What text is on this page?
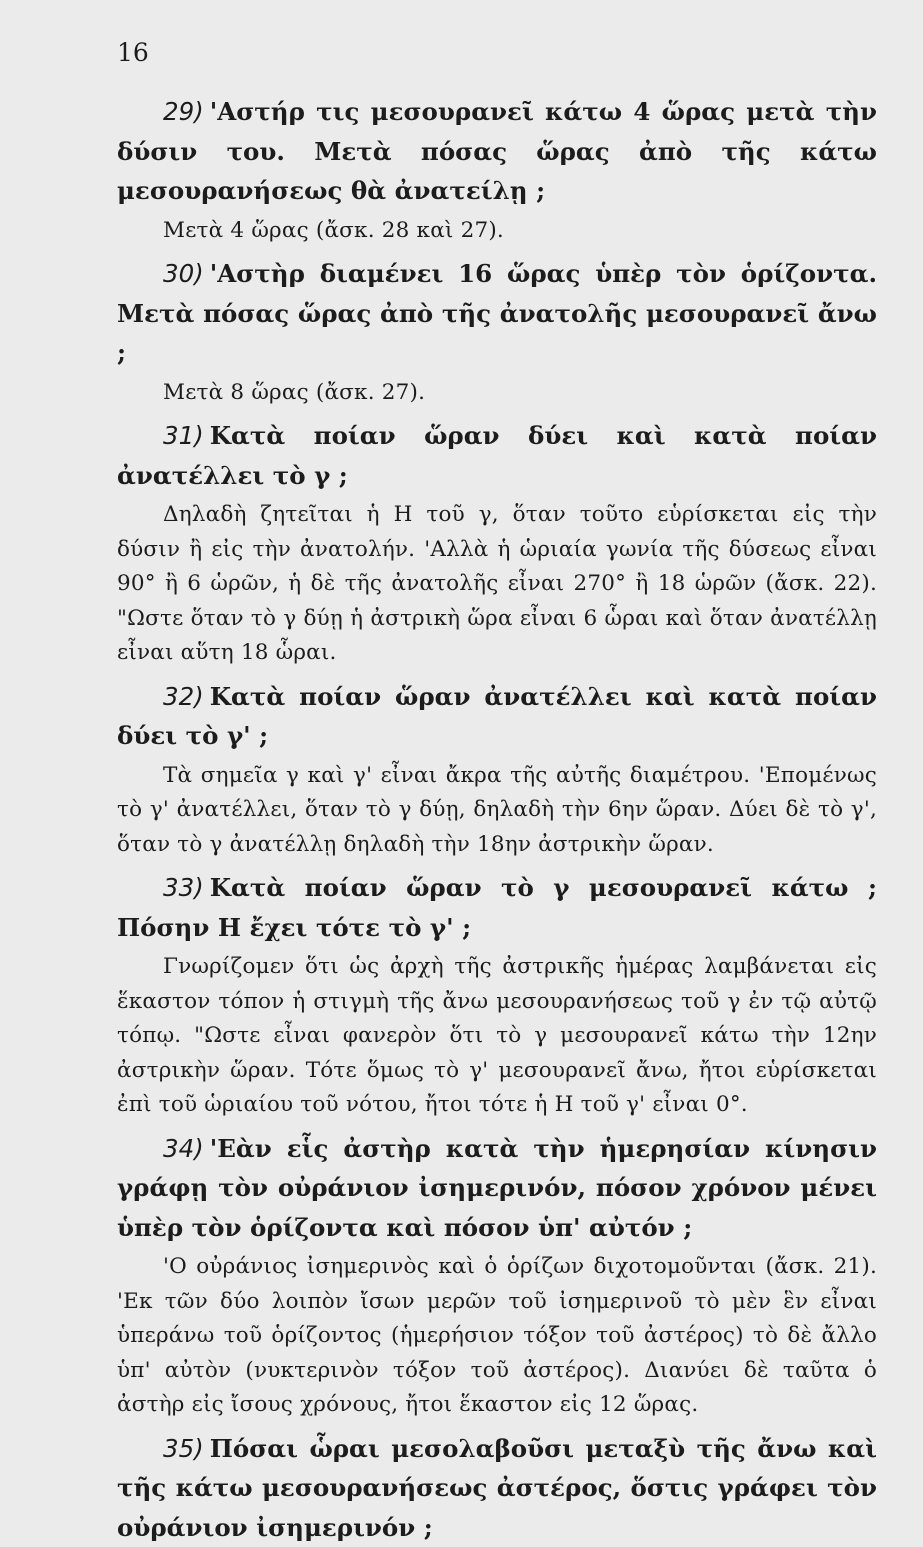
16

29) 'Αστήρ τις μεσουρανεῖ κάτω 4 ὥρας μετὰ τὴν δύσιν του. Μετὰ πόσας ὥρας ἀπὸ τῆς κάτω μεσουρανήσεως θὰ ἀνατείλῃ ;

Μετὰ 4 ὥρας (ἄσκ. 28 καὶ 27).

30) 'Αστὴρ διαμένει 16 ὥρας ὑπὲρ τὸν ὁρίζοντα. Μετὰ πόσας ὥρας ἀπὸ τῆς ἀνατολῆς μεσουρανεῖ ἄνω ;

Μετὰ 8 ὥρας (ἄσκ. 27).

31) Κατὰ ποίαν ὥραν δύει καὶ κατὰ ποίαν ἀνατέλλει τὸ γ ;

Δηλαδὴ ζητεῖται ἡ Η τοῦ γ, ὅταν τοῦτο εὑρίσκεται εἰς τὴν δύσιν ἢ εἰς τὴν ἀνατολήν. 'Αλλὰ ἡ ὡριαία γωνία τῆς δύσεως εἶναι 90° ἢ 6 ὡρῶν, ἡ δὲ τῆς ἀνατολῆς εἶναι 270° ἢ 18 ὡρῶν (ἄσκ. 22). "Ωστε ὅταν τὸ γ δύῃ ἡ ἀστρικὴ ὥρα εἶναι 6 ὧραι καὶ ὅταν ἀνατέλλῃ εἶναι αὕτη 18 ὧραι.

32) Κατὰ ποίαν ὥραν ἀνατέλλει καὶ κατὰ ποίαν δύει τὸ γ' ;

Τὰ σημεῖα γ καὶ γ' εἶναι ἄκρα τῆς αὐτῆς διαμέτρου. 'Επομένως τὸ γ' ἀνατέλλει, ὅταν τὸ γ δύῃ, δηλαδὴ τὴν 6ην ὥραν. Δύει δὲ τὸ γ', ὅταν τὸ γ ἀνατέλλῃ δηλαδὴ τὴν 18ην ἀστρικὴν ὥραν.

33) Κατὰ ποίαν ὥραν τὸ γ μεσουρανεῖ κάτω ; Πόσην Η ἔχει τότε τὸ γ' ;

Γνωρίζομεν ὅτι ὡς ἀρχὴ τῆς ἀστρικῆς ἡμέρας λαμβάνεται εἰς ἕκαστον τόπον ἡ στιγμὴ τῆς ἄνω μεσουρανήσεως τοῦ γ ἐν τῷ αὐτῷ τόπῳ. "Ωστε εἶναι φανερὸν ὅτι τὸ γ μεσουρανεῖ κάτω τὴν 12ην ἀστρικὴν ὥραν. Τότε ὅμως τὸ γ' μεσουρανεῖ ἄνω, ἤτοι εὑρίσκεται ἐπὶ τοῦ ὡριαίου τοῦ νότου, ἤτοι τότε ἡ Η τοῦ γ' εἶναι 0°.

34) 'Εὰν εἷς ἀστὴρ κατὰ τὴν ἡμερησίαν κίνησιν γράφῃ τὸν οὐράνιον ἰσημερινόν, πόσον χρόνον μένει ὑπὲρ τὸν ὁρίζοντα καὶ πόσον ὑπ' αὐτόν ;

'Ο οὐράνιος ἰσημερινὸς καὶ ὁ ὁρίζων διχοτομοῦνται (ἄσκ. 21). 'Εκ τῶν δύο λοιπὸν ἴσων μερῶν τοῦ ἰσημερινοῦ τὸ μὲν ἓν εἶναι ὑπεράνω τοῦ ὁρίζοντος (ἡμερήσιον τόξον τοῦ ἀστέρος) τὸ δὲ ἄλλο ὑπ' αὐτὸν (νυκτερινὸν τόξον τοῦ ἀστέρος). Διανύει δὲ ταῦτα ὁ ἀστὴρ εἰς ἴσους χρόνους, ἤτοι ἕκαστον εἰς 12 ὥρας.

35) Πόσαι ὧραι μεσολαβοῦσι μεταξὺ τῆς ἄνω καὶ τῆς κάτω μεσουρανήσεως ἀστέρος, ὅστις γράφει τὸν οὐράνιον ἰσημερινόν ;
